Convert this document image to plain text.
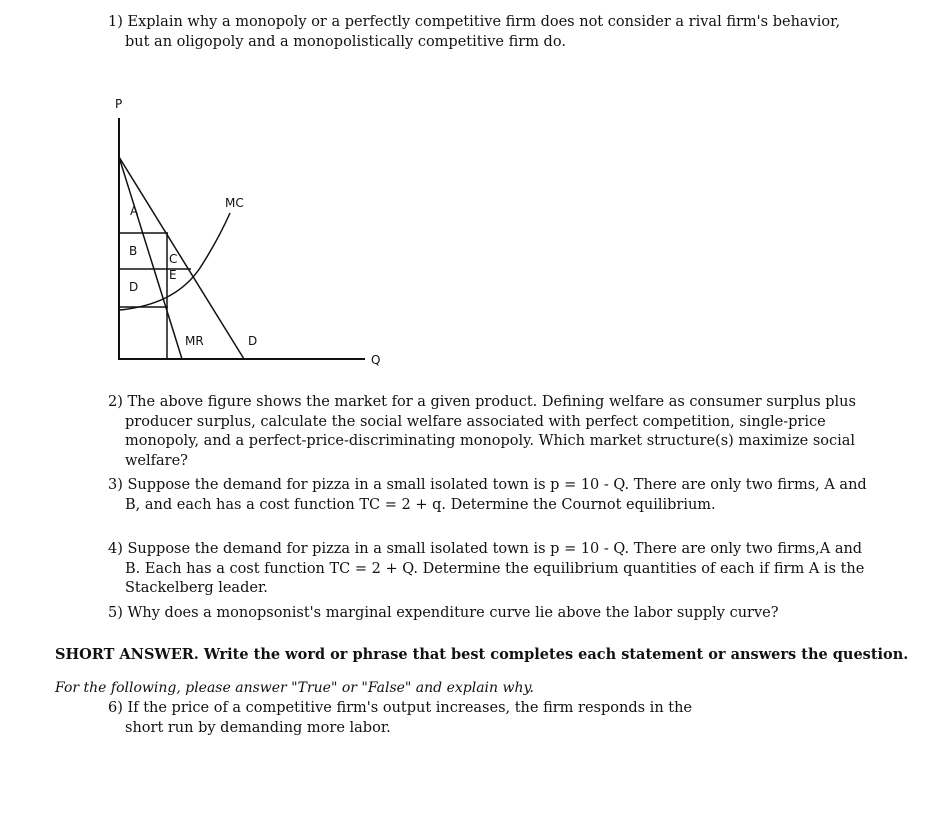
1) Explain why a monopoly or a perfectly competitive firm does not consider a rival firm's behavior, but an oligopoly and a monopolistically competitive firm do.
P
Q
A
B
C
E
D
MC
MR	D
2) The above figure shows the market for a given product. Defining welfare as consumer surplus plus producer surplus, calculate the social welfare associated with perfect competition, single-price monopoly, and a perfect-price-discriminating monopoly. Which market structure(s) maximize social welfare?
3) Suppose the demand for pizza in a small isolated town is p = 10 - Q. There are only two firms, A and B, and each has a cost function TC = 2 + q. Determine the Cournot equilibrium.
4) Suppose the demand for pizza in a small isolated town is p = 10 - Q. There are only two firms,A and B. Each has a cost function TC = 2 + Q. Determine the equilibrium quantities of each if firm A is the Stackelberg leader.
5) Why does a monopsonist's marginal expenditure curve lie above the labor supply curve?
SHORT ANSWER. Write the word or phrase that best completes each statement or answers the question.
For the following, please answer "True" or "False" and explain why.
6) If the price of a competitive firm's output increases, the firm responds in the short run by demanding more labor.
